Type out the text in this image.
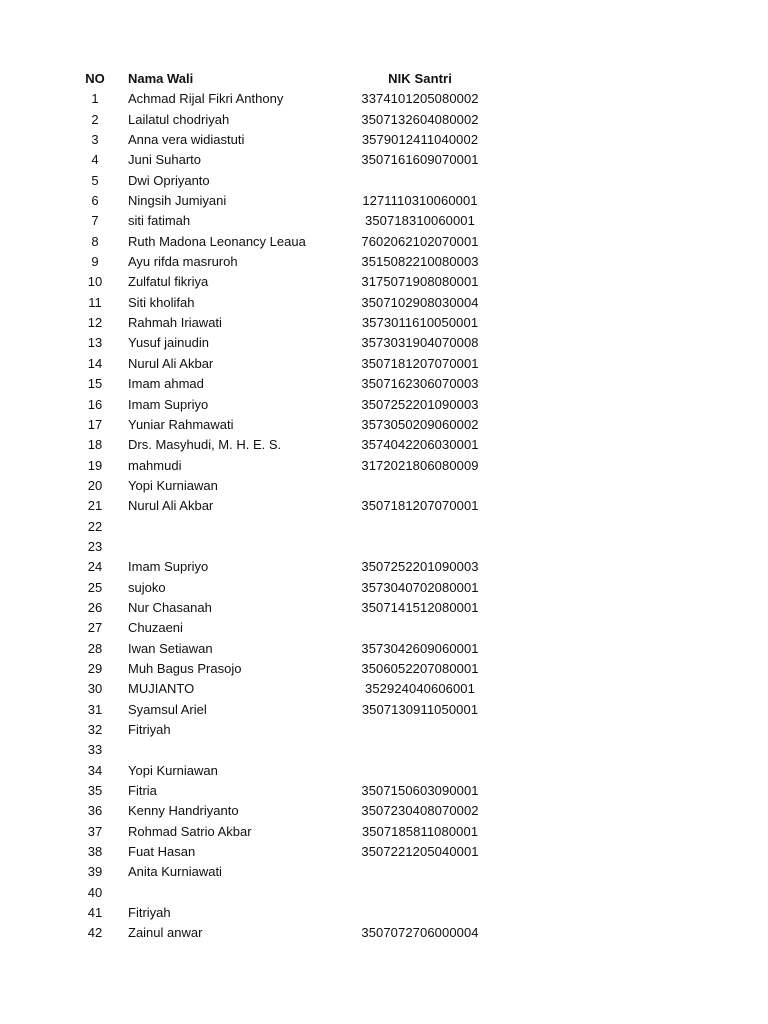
NO	Nama Wali	NIK Santri
1	Achmad Rijal Fikri Anthony	3374101205080002
2	Lailatul chodriyah	3507132604080002
3	Anna vera widiastuti	3579012411040002
4	Juni Suharto	3507161609070001
5	Dwi Opriyanto
6	Ningsih Jumiyani	1271110310060001
7	siti fatimah	350718310060001
8	Ruth Madona Leonancy Leaua	7602062102070001
9	Ayu rifda masruroh	3515082210080003
10	Zulfatul fikriya	3175071908080001
11	Siti kholifah	3507102908030004
12	Rahmah Iriawati	3573011610050001
13	Yusuf jainudin	3573031904070008
14	Nurul Ali Akbar	3507181207070001
15	Imam ahmad	3507162306070003
16	Imam Supriyo	3507252201090003
17	Yuniar Rahmawati	3573050209060002
18	Drs. Masyhudi, M. H. E. S.	3574042206030001
19	mahmudi	3172021806080009
20	Yopi Kurniawan
21	Nurul Ali Akbar	3507181207070001
22
23
24	Imam Supriyo	3507252201090003
25	sujoko	3573040702080001
26	Nur Chasanah	3507141512080001
27	Chuzaeni
28	Iwan Setiawan	3573042609060001
29	Muh Bagus Prasojo	3506052207080001
30	MUJIANTO	352924040606001
31	Syamsul Ariel	3507130911050001
32	Fitriyah
33
34	Yopi Kurniawan
35	Fitria	3507150603090001
36	Kenny Handriyanto	3507230408070002
37	Rohmad Satrio Akbar	3507185811080001
38	Fuat Hasan	3507221205040001
39	Anita Kurniawati
40
41	Fitriyah
42	Zainul anwar	3507072706000004
